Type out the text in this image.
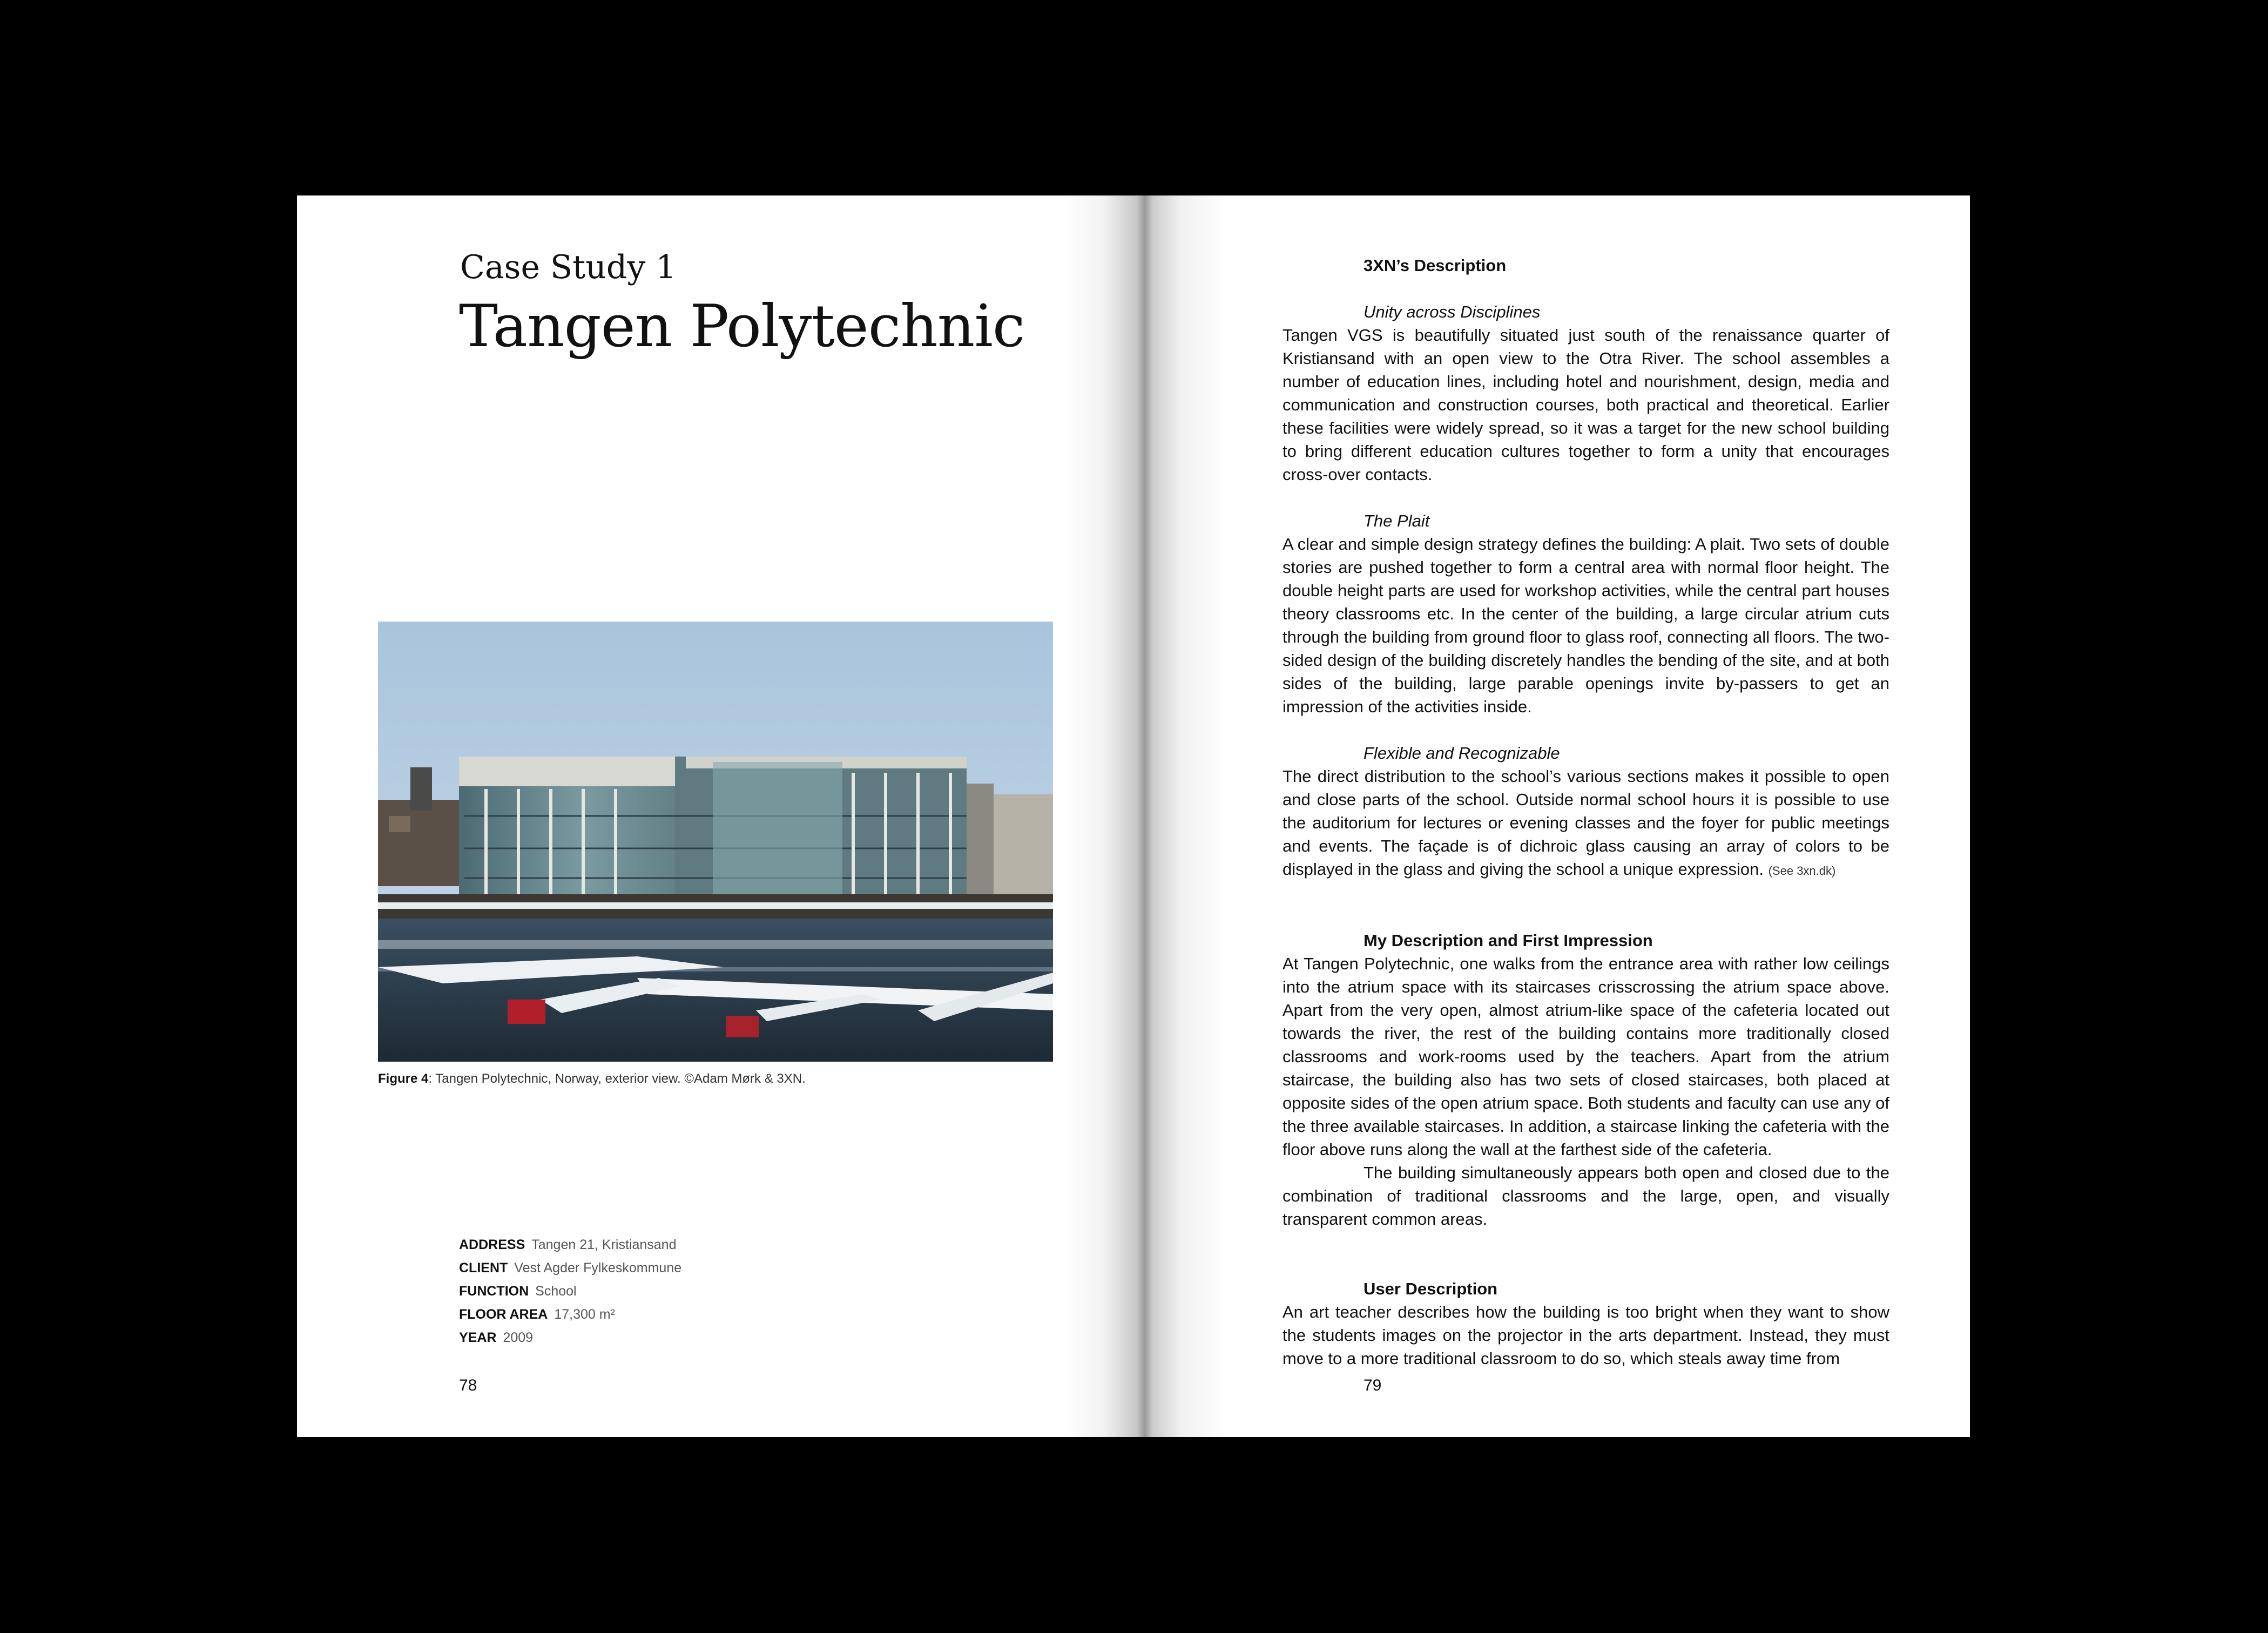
Case Study 1
Tangen Polytechnic
Figure 4: Tangen Polytechnic, Norway, exterior view. ©Adam Mørk & 3XN.
ADDRESS Tangen 21, Kristiansand
CLIENT Vest Agder Fylkeskommune
FUNCTION School
FLOOR AREA 17,300 m²
YEAR 2009
78

3XN’s Description

Unity across Disciplines

Tangen VGS is beautifully situated just south of the renaissance quarter of Kristiansand with an open view to the Otra River. The school assembles a number of education lines, including hotel and nourishment, design, media and communication and construction courses, both practical and theoretical. Earlier these facilities were widely spread, so it was a target for the new school building to bring different education cultures together to form a unity that encourages cross-over contacts.

The Plait

A clear and simple design strategy defines the building: A plait. Two sets of double stories are pushed together to form a central area with normal floor height. The double height parts are used for workshop activities, while the central part houses theory classrooms etc. In the center of the building, a large circular atrium cuts through the building from ground floor to glass roof, connecting all floors. The two-sided design of the building discretely handles the bending of the site, and at both sides of the building, large parable openings invite by-passers to get an impression of the activities inside.

Flexible and Recognizable

The direct distribution to the school’s various sections makes it possible to open and close parts of the school. Outside normal school hours it is possible to use the auditorium for lectures or evening classes and the foyer for public meetings and events. The façade is of dichroic glass causing an array of colors to be displayed in the glass and giving the school a unique expression. (See 3xn.dk)

My Description and First Impression

At Tangen Polytechnic, one walks from the entrance area with rather low ceilings into the atrium space with its staircases crisscrossing the atrium space above. Apart from the very open, almost atrium-like space of the cafeteria located out towards the river, the rest of the building contains more traditionally closed classrooms and work-rooms used by the teachers. Apart from the atrium staircase, the building also has two sets of closed staircases, both placed at opposite sides of the open atrium space. Both students and faculty can use any of the three available staircases. In addition, a staircase linking the cafeteria with the floor above runs along the wall at the farthest side of the cafeteria.

The building simultaneously appears both open and closed due to the combination of traditional classrooms and the large, open, and visually transparent common areas.

User Description

An art teacher describes how the building is too bright when they want to show the students images on the projector in the arts department. Instead, they must move to a more traditional classroom to do so, which steals away time from

79
